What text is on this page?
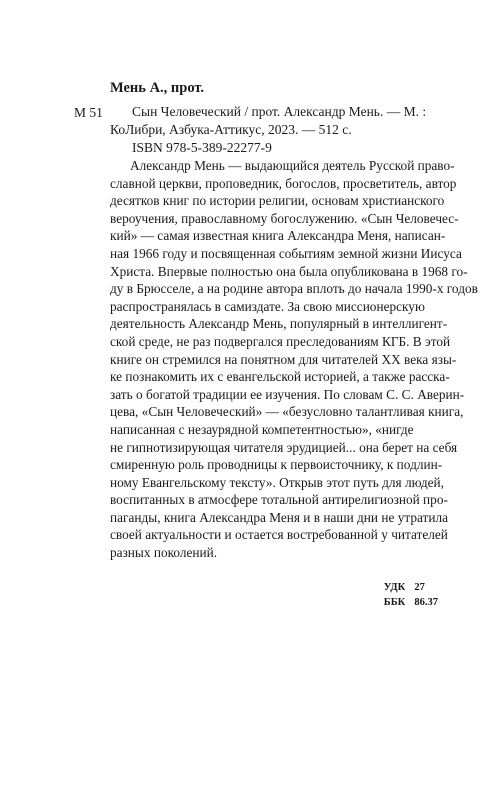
Мень А., прот.
М 51	Сын Человеческий / прот. Александр Мень. — М. :
КоЛибри, Азбука-Аттикус, 2023. — 512 с.
ISBN 978-5-389-22277-9
Александр Мень — выдающийся деятель Русской право-
славной церкви, проповедник, богослов, просветитель, автор
десятков книг по истории религии, основам христианского
вероучения, православному богослужению. «Сын Человечес-
кий» — самая известная книга Александра Меня, написан-
ная 1966 году и посвященная событиям земной жизни Иисуса
Христа. Впервые полностью она была опубликована в 1968 го-
ду в Брюсселе, а на родине автора вплоть до начала 1990-х годов
распространялась в самиздате. За свою миссионерскую
деятельность Александр Мень, популярный в интеллигент-
ской среде, не раз подвергался преследованиям КГБ. В этой
книге он стремился на понятном для читателей XX века язы-
ке познакомить их с евангельской историей, а также расска-
зать о богатой традиции ее изучения. По словам С. С. Аверин-
цева, «Сын Человеческий» — «безусловно талантливая книга,
написанная с незаурядной компетентностью», «нигде
не гипнотизирующая читателя эрудицией... она берет на себя
смиренную роль проводницы к первоисточнику, к подлин-
ному Евангельскому тексту». Открыв этот путь для людей,
воспитанных в атмосфере тотальной антирелигиозной про-
паганды, книга Александра Меня и в наши дни не утратила
своей актуальности и остается востребованной у читателей
разных поколений.
УДК 27
ББК 86.37
